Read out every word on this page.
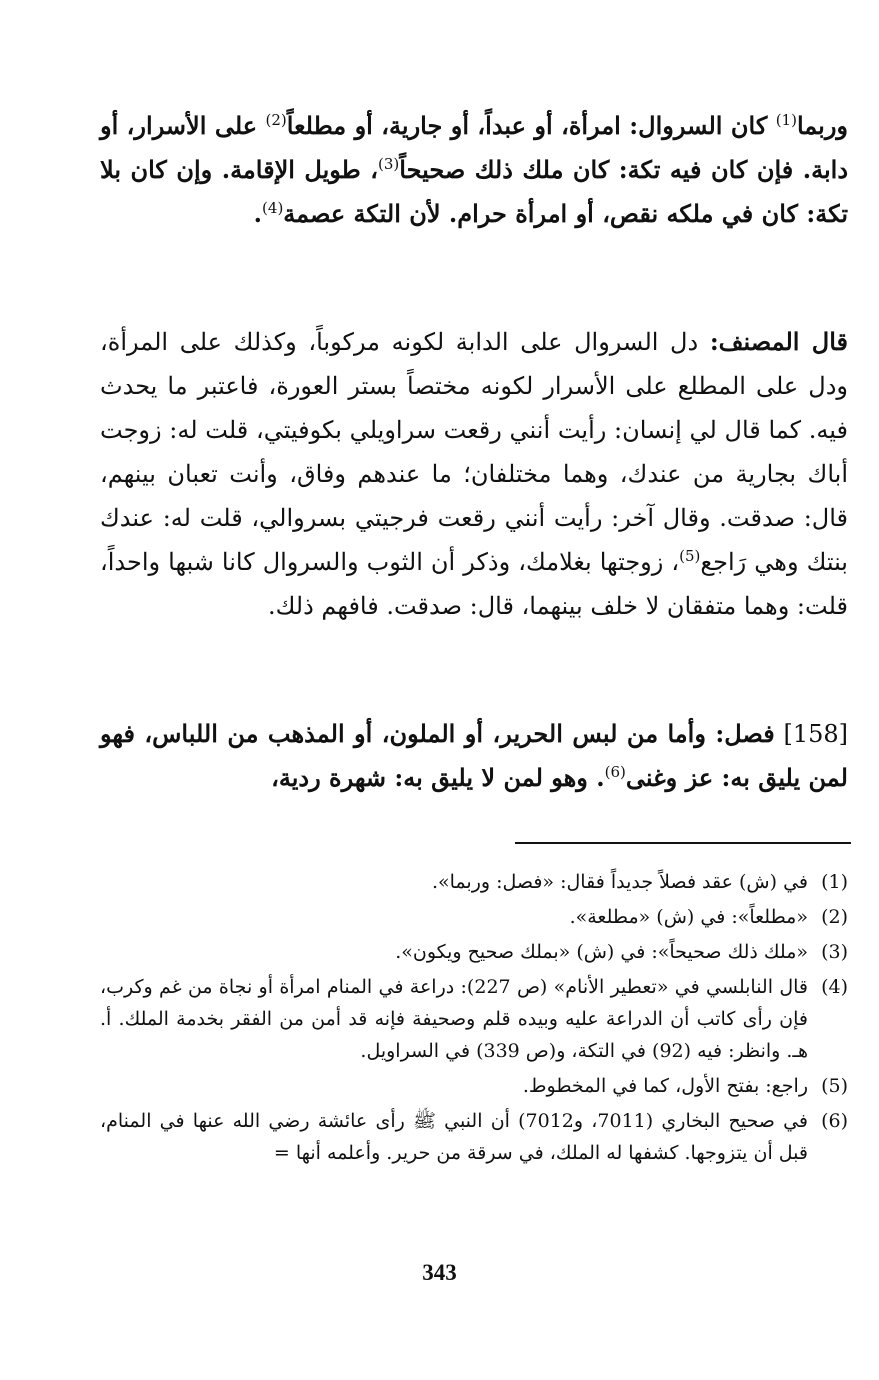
وربما$^{(1)}$ كان السروال: امرأة، أو عبداً، أو جارية، أو مطلعاً$^{(2)}$ على الأسرار، أو دابة. فإن كان فيه تكة: كان ملك ذلك صحيحاً$^{(3)}$، طويل الإقامة. وإن كان بلا تكة: كان في ملكه نقص، أو امرأة حرام. لأن التكة عصمة$^{(4)}$.

قال المصنف: دل السروال على الدابة لكونه مركوباً، وكذلك على المرأة، ودل على المطلع على الأسرار لكونه مختصاً بستر العورة، فاعتبر ما يحدث فيه. كما قال لي إنسان: رأيت أنني رقعت سراويلي بكوفيتي، قلت له: زوجت أباك بجارية من عندك، وهما مختلفان؛ ما عندهم وفاق، وأنت تعبان بينهم، قال: صدقت. وقال آخر: رأيت أنني رقعت فرجيتي بسروالي، قلت له: عندك بنتك وهي رَاجع$^{(5)}$، زوجتها بغلامك، وذكر أن الثوب والسروال كانا شبها واحداً، قلت: وهما متفقان لا خلف بينهما، قال: صدقت. فافهم ذلك.

[158] فصل: وأما من لبس الحرير، أو الملون، أو المذهب من اللباس، فهو لمن يليق به: عز وغنى$^{(6)}$. وهو لمن لا يليق به: شهرة ردية،

(1)
في (ش) عقد فصلاً جديداً فقال: «فصل: وربما».
(2)
«مطلعاً»: في (ش) «مطلعة».
(3)
«ملك ذلك صحيحاً»: في (ش) «بملك صحيح ويكون».
(4)
قال النابلسي في «تعطير الأنام» (ص 227): دراعة في المنام امرأة أو نجاة من غم وكرب، فإن رأى كاتب أن الدراعة عليه وبيده قلم وصحيفة فإنه قد أمن من الفقر بخدمة الملك. أ. هـ. وانظر: فيه (92) في التكة، و(ص 339) في السراويل.
(5)
راجع: بفتح الأول، كما في المخطوط.
(6)
في صحيح البخاري (7011، و7012) أن النبي ﷺ رأى عائشة رضي الله عنها في المنام، قبل أن يتزوجها. كشفها له الملك، في سرقة من حرير. وأعلمه أنها =
343
